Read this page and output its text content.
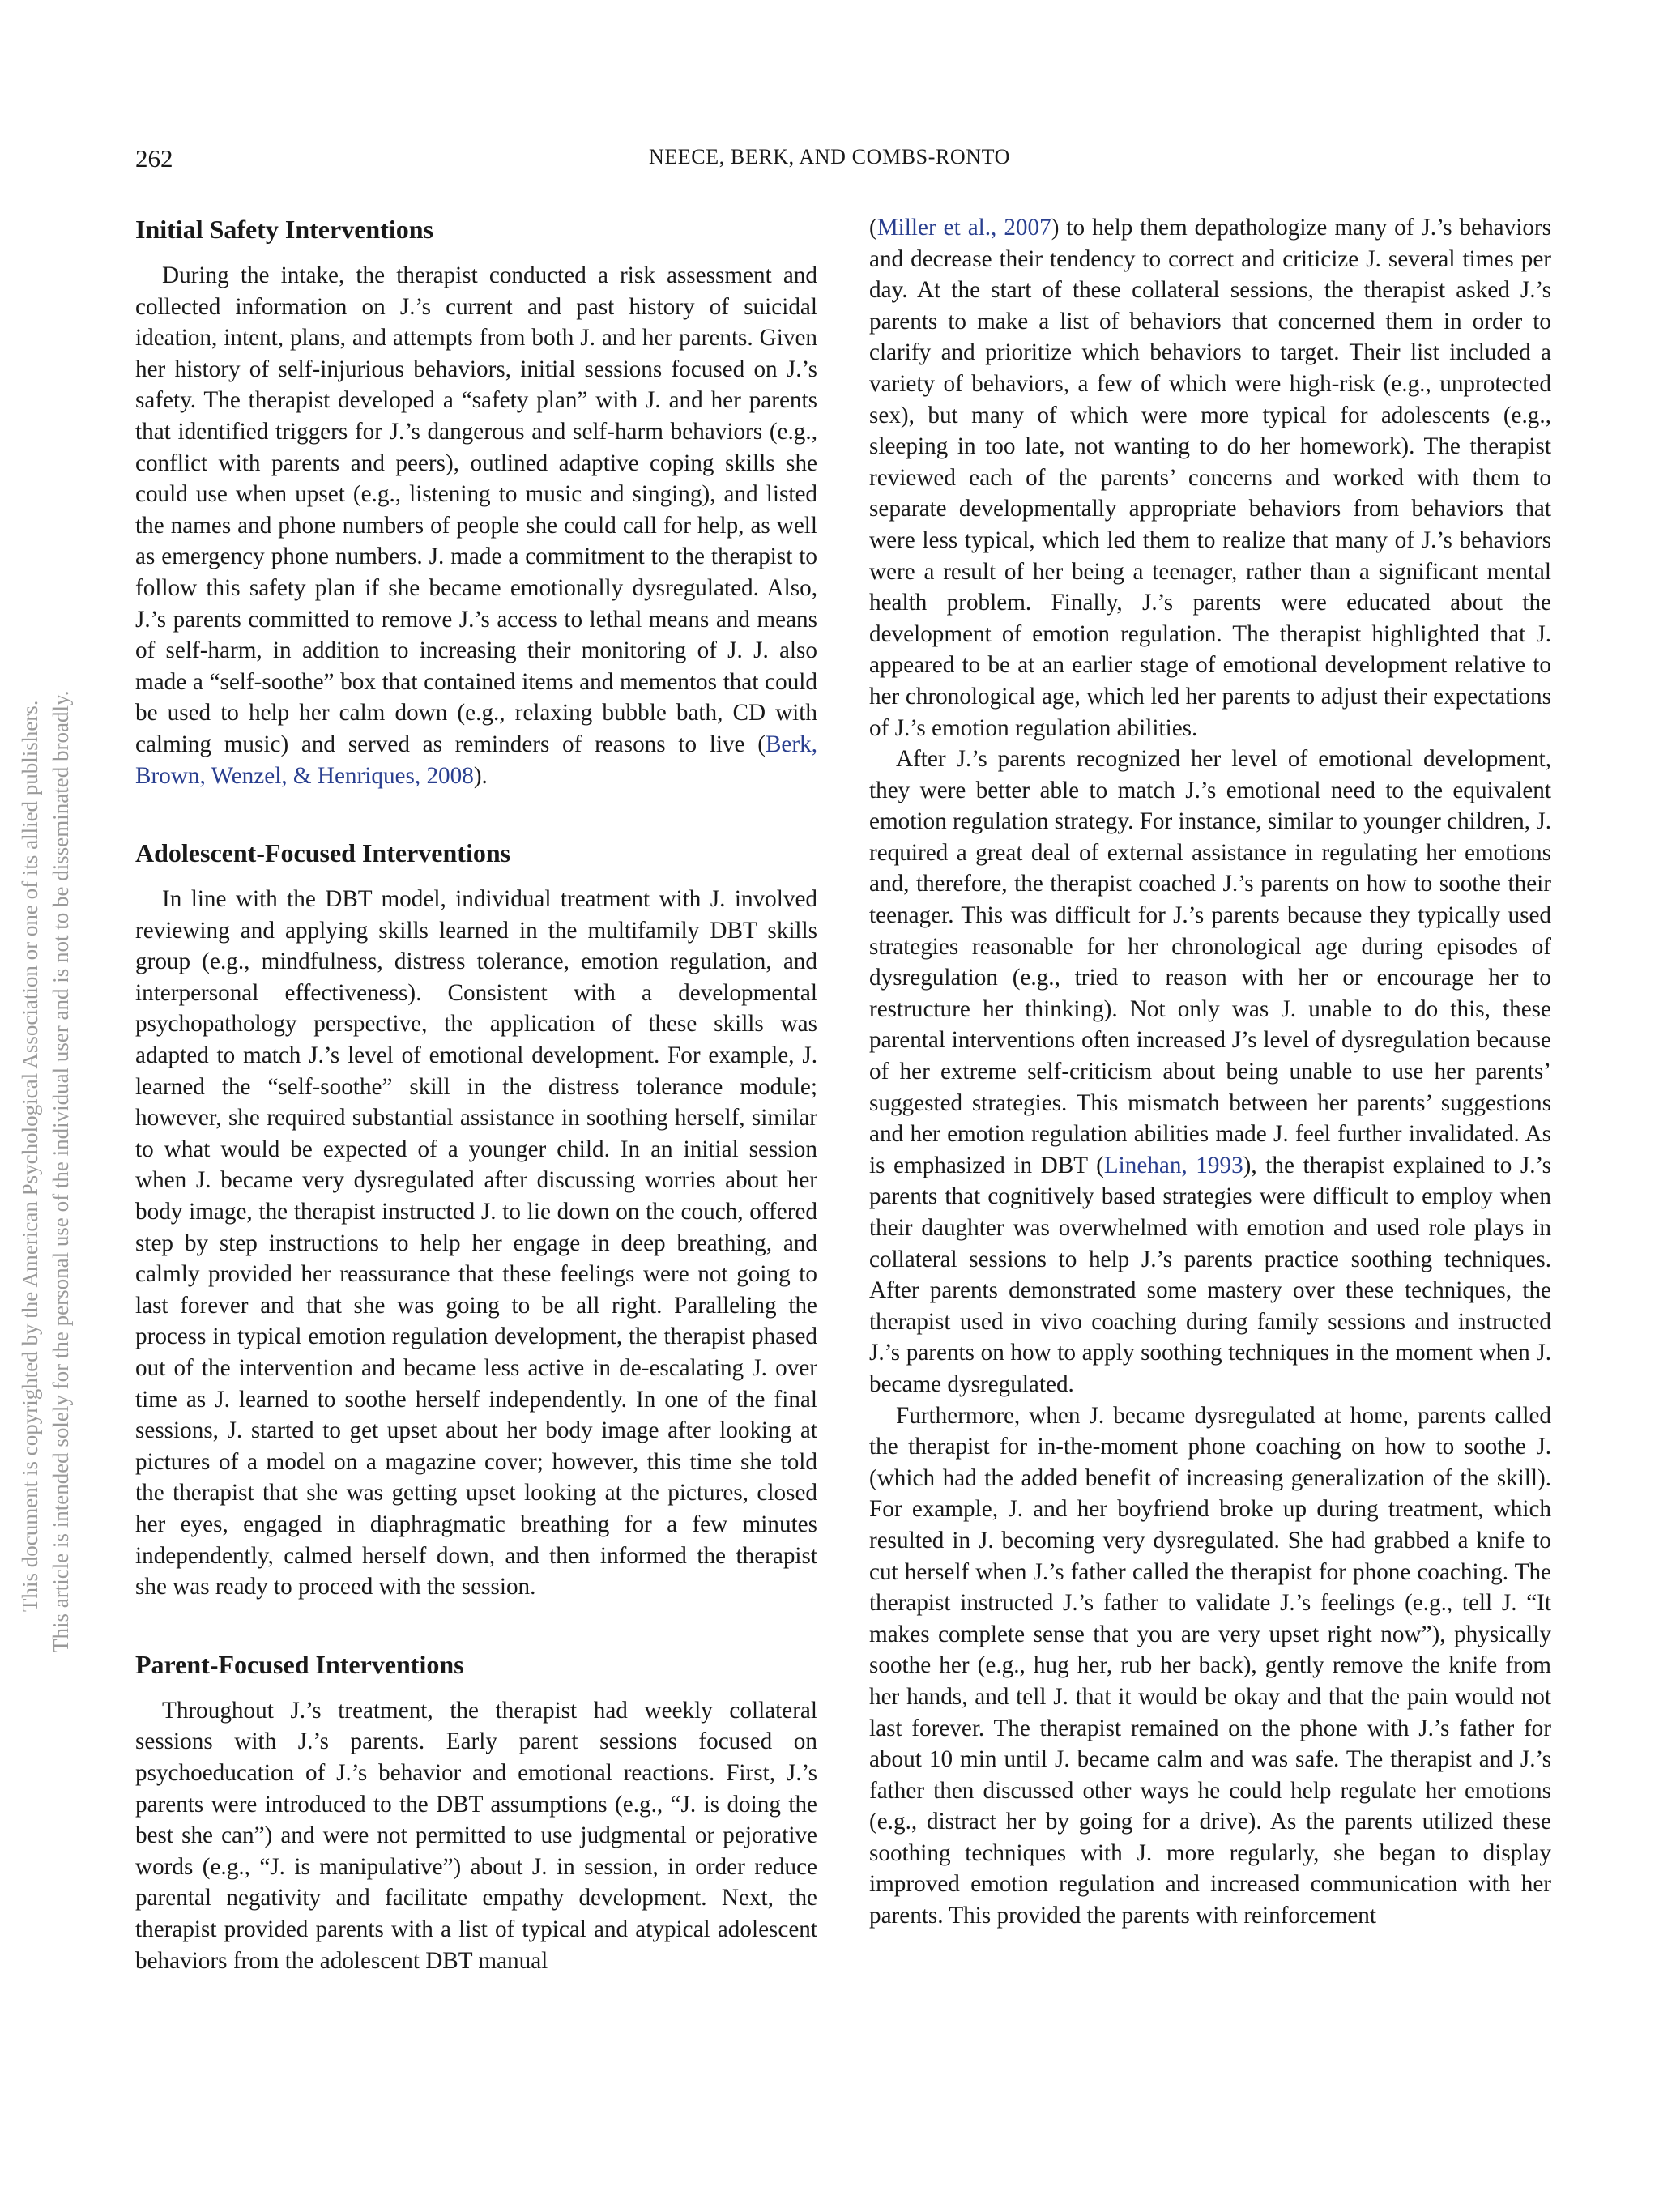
262	NEECE, BERK, AND COMBS-RONTO
This document is copyrighted by the American Psychological Association or one of its allied publishers. This article is intended solely for the personal use of the individual user and is not to be disseminated broadly.
Initial Safety Interventions

During the intake, the therapist conducted a risk assessment and collected information on J.’s current and past history of suicidal ideation, intent, plans, and attempts from both J. and her parents. Given her history of self-injurious behaviors, initial sessions focused on J.’s safety. The therapist developed a “safety plan” with J. and her parents that identified triggers for J.’s dangerous and self-harm behaviors (e.g., conflict with parents and peers), outlined adaptive coping skills she could use when upset (e.g., listening to music and singing), and listed the names and phone numbers of people she could call for help, as well as emergency phone numbers. J. made a commitment to the therapist to follow this safety plan if she became emotionally dysregulated. Also, J.’s parents committed to remove J.’s access to lethal means and means of self-harm, in addition to increasing their monitoring of J. J. also made a “self-soothe” box that contained items and mementos that could be used to help her calm down (e.g., relaxing bubble bath, CD with calming music) and served as reminders of reasons to live (Berk, Brown, Wenzel, & Henriques, 2008).

Adolescent-Focused Interventions

In line with the DBT model, individual treatment with J. involved reviewing and applying skills learned in the multifamily DBT skills group (e.g., mindfulness, distress tolerance, emotion regulation, and interpersonal effectiveness). Consistent with a developmental psychopathology perspective, the application of these skills was adapted to match J.’s level of emotional development. For example, J. learned the “self-soothe” skill in the distress tolerance module; however, she required substantial assistance in soothing herself, similar to what would be expected of a younger child. In an initial session when J. became very dysregulated after discussing worries about her body image, the therapist instructed J. to lie down on the couch, offered step by step instructions to help her engage in deep breathing, and calmly provided her reassurance that these feelings were not going to last forever and that she was going to be all right. Paralleling the process in typical emotion regulation development, the therapist phased out of the intervention and became less active in de-escalating J. over time as J. learned to soothe herself independently. In one of the final sessions, J. started to get upset about her body image after looking at pictures of a model on a magazine cover; however, this time she told the therapist that she was getting upset looking at the pictures, closed her eyes, engaged in diaphragmatic breathing for a few minutes independently, calmed herself down, and then informed the therapist she was ready to proceed with the session.

Parent-Focused Interventions

Throughout J.’s treatment, the therapist had weekly collateral sessions with J.’s parents. Early parent sessions focused on psychoeducation of J.’s behavior and emotional reactions. First, J.’s parents were introduced to the DBT assumptions (e.g., “J. is doing the best she can”) and were not permitted to use judgmental or pejorative words (e.g., “J. is manipulative”) about J. in session, in order reduce parental negativity and facilitate empathy development. Next, the therapist provided parents with a list of typical and atypical adolescent behaviors from the adolescent DBT manual

(Miller et al., 2007) to help them depathologize many of J.’s behaviors and decrease their tendency to correct and criticize J. several times per day. At the start of these collateral sessions, the therapist asked J.’s parents to make a list of behaviors that concerned them in order to clarify and prioritize which behaviors to target. Their list included a variety of behaviors, a few of which were high-risk (e.g., unprotected sex), but many of which were more typical for adolescents (e.g., sleeping in too late, not wanting to do her homework). The therapist reviewed each of the parents’ concerns and worked with them to separate developmentally appropriate behaviors from behaviors that were less typical, which led them to realize that many of J.’s behaviors were a result of her being a teenager, rather than a significant mental health problem. Finally, J.’s parents were educated about the development of emotion regulation. The therapist highlighted that J. appeared to be at an earlier stage of emotional development relative to her chronological age, which led her parents to adjust their expectations of J.’s emotion regulation abilities.

After J.’s parents recognized her level of emotional development, they were better able to match J.’s emotional need to the equivalent emotion regulation strategy. For instance, similar to younger children, J. required a great deal of external assistance in regulating her emotions and, therefore, the therapist coached J.’s parents on how to soothe their teenager. This was difficult for J.’s parents because they typically used strategies reasonable for her chronological age during episodes of dysregulation (e.g., tried to reason with her or encourage her to restructure her thinking). Not only was J. unable to do this, these parental interventions often increased J’s level of dysregulation because of her extreme self-criticism about being unable to use her parents’ suggested strategies. This mismatch between her parents’ suggestions and her emotion regulation abilities made J. feel further invalidated. As is emphasized in DBT (Linehan, 1993), the therapist explained to J.’s parents that cognitively based strategies were difficult to employ when their daughter was overwhelmed with emotion and used role plays in collateral sessions to help J.’s parents practice soothing techniques. After parents demonstrated some mastery over these techniques, the therapist used in vivo coaching during family sessions and instructed J.’s parents on how to apply soothing techniques in the moment when J. became dysregulated.

Furthermore, when J. became dysregulated at home, parents called the therapist for in-the-moment phone coaching on how to soothe J. (which had the added benefit of increasing generalization of the skill). For example, J. and her boyfriend broke up during treatment, which resulted in J. becoming very dysregulated. She had grabbed a knife to cut herself when J.’s father called the therapist for phone coaching. The therapist instructed J.’s father to validate J.’s feelings (e.g., tell J. “It makes complete sense that you are very upset right now”), physically soothe her (e.g., hug her, rub her back), gently remove the knife from her hands, and tell J. that it would be okay and that the pain would not last forever. The therapist remained on the phone with J.’s father for about 10 min until J. became calm and was safe. The therapist and J.’s father then discussed other ways he could help regulate her emotions (e.g., distract her by going for a drive). As the parents utilized these soothing techniques with J. more regularly, she began to display improved emotion regulation and increased communication with her parents. This provided the parents with reinforcement
